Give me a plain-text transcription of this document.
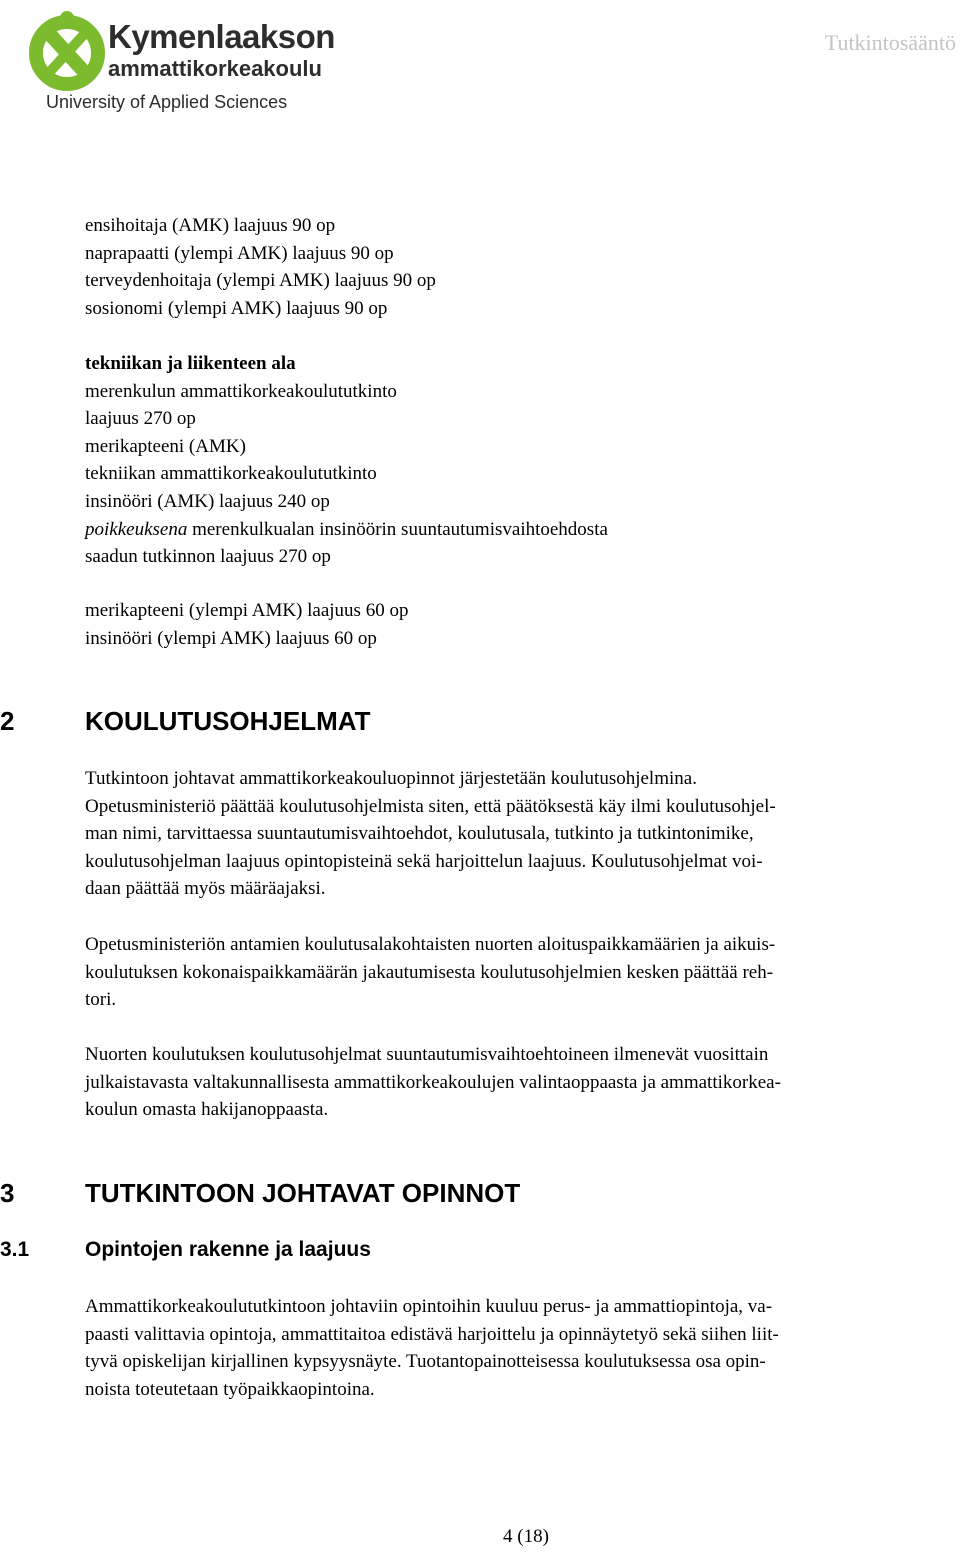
Kymenlaakson
ammattikorkeakoulu
University of Applied Sciences
Tutkintosääntö
ensihoitaja (AMK) laajuus 90 op
naprapaatti (ylempi AMK) laajuus 90 op
terveydenhoitaja (ylempi AMK) laajuus 90 op
sosionomi (ylempi AMK) laajuus 90 op
tekniikan ja liikenteen ala
merenkulun ammattikorkeakoulututkinto
laajuus 270 op
merikapteeni (AMK)
tekniikan ammattikorkeakoulututkinto
insinööri (AMK) laajuus 240 op
poikkeuksena merenkulkualan insinöörin suuntautumisvaihtoehdosta
saadun tutkinnon laajuus 270 op
merikapteeni (ylempi AMK) laajuus 60 op
insinööri (ylempi AMK) laajuus 60 op
2	KOULUTUSOHJELMAT
Tutkintoon johtavat ammattikorkeakouluopinnot järjestetään koulutusohjelmina.
Opetusministeriö päättää koulutusohjelmista siten, että päätöksestä käy ilmi koulutusohjel-
man nimi, tarvittaessa suuntautumisvaihtoehdot, koulutusala, tutkinto ja tutkintonimike,
koulutusohjelman laajuus opintopisteinä sekä harjoittelun laajuus. Koulutusohjelmat voi-
daan päättää myös määräajaksi.
Opetusministeriön antamien koulutusalakohtaisten nuorten aloituspaikkamäärien ja aikuis-
koulutuksen kokonaispaikkamäärän jakautumisesta koulutusohjelmien kesken päättää reh-
tori.
Nuorten koulutuksen koulutusohjelmat suuntautumisvaihtoehtoineen ilmenevät vuosittain
julkaistavasta valtakunnallisesta ammattikorkeakoulujen valintaoppaasta ja ammattikorkea-
koulun omasta hakijanoppaasta.
3	TUTKINTOON JOHTAVAT OPINNOT
3.1	Opintojen rakenne ja laajuus
Ammattikorkeakoulututkintoon johtaviin opintoihin kuuluu perus- ja ammattiopintoja, va-
paasti valittavia opintoja, ammattitaitoa edistävä harjoittelu ja opinnäytetyö sekä siihen liit-
tyvä opiskelijan kirjallinen kypsyysnäyte. Tuotantopainotteisessa koulutuksessa osa opin-
noista toteutetaan työpaikkaopintoina.
4 (18)
